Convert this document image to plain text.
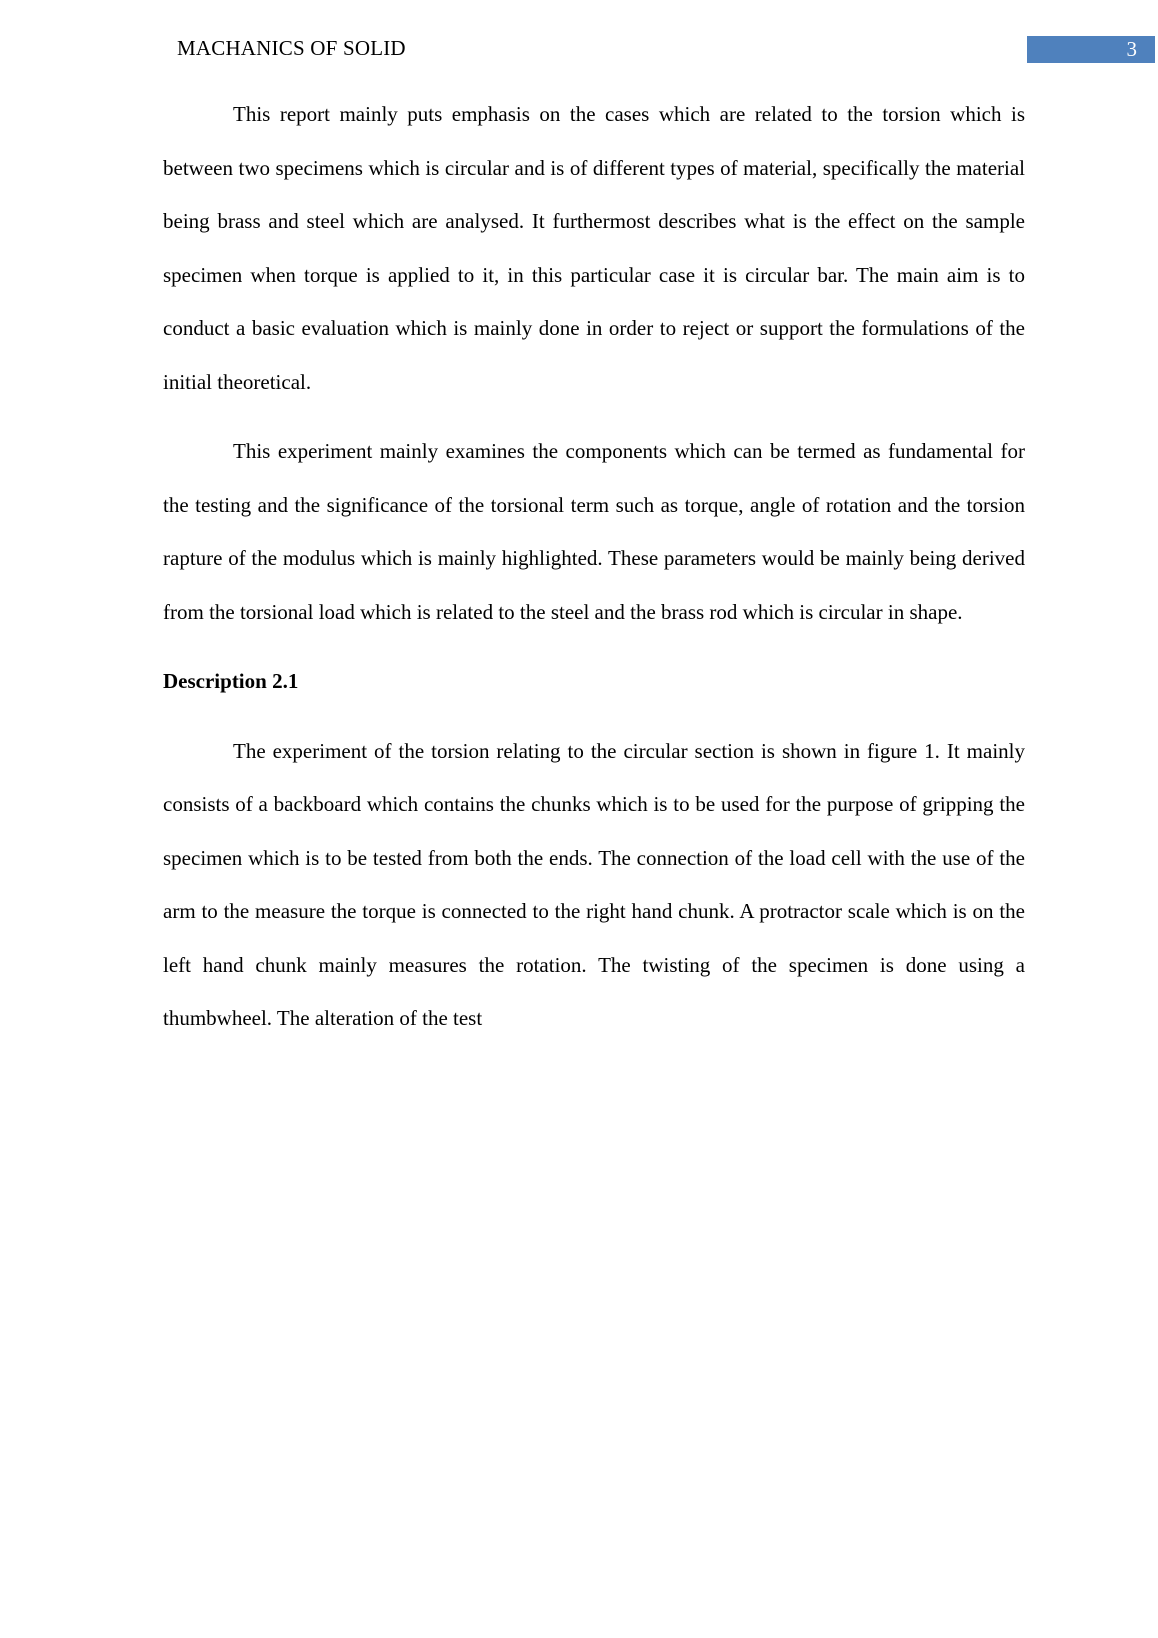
MACHANICS OF SOLID	3

This report mainly puts emphasis on the cases which are related to the torsion which is between two specimens which is circular and is of different types of material, specifically the material being brass and steel which are analysed. It furthermost describes what is the effect on the sample specimen when torque is applied to it, in this particular case it is circular bar. The main aim is to conduct a basic evaluation which is mainly done in order to reject or support the formulations of the initial theoretical.

This experiment mainly examines the components which can be termed as fundamental for the testing and the significance of the torsional term such as torque, angle of rotation and the torsion rapture of the modulus which is mainly highlighted. These parameters would be mainly being derived from the torsional load which is related to the steel and the brass rod which is circular in shape.

Description 2.1

The experiment of the torsion relating to the circular section is shown in figure 1. It mainly consists of a backboard which contains the chunks which is to be used for the purpose of gripping the specimen which is to be tested from both the ends. The connection of the load cell with the use of the arm to the measure the torque is connected to the right hand chunk. A protractor scale which is on the left hand chunk mainly measures the rotation. The twisting of the specimen is done using a thumbwheel. The alteration of the test
